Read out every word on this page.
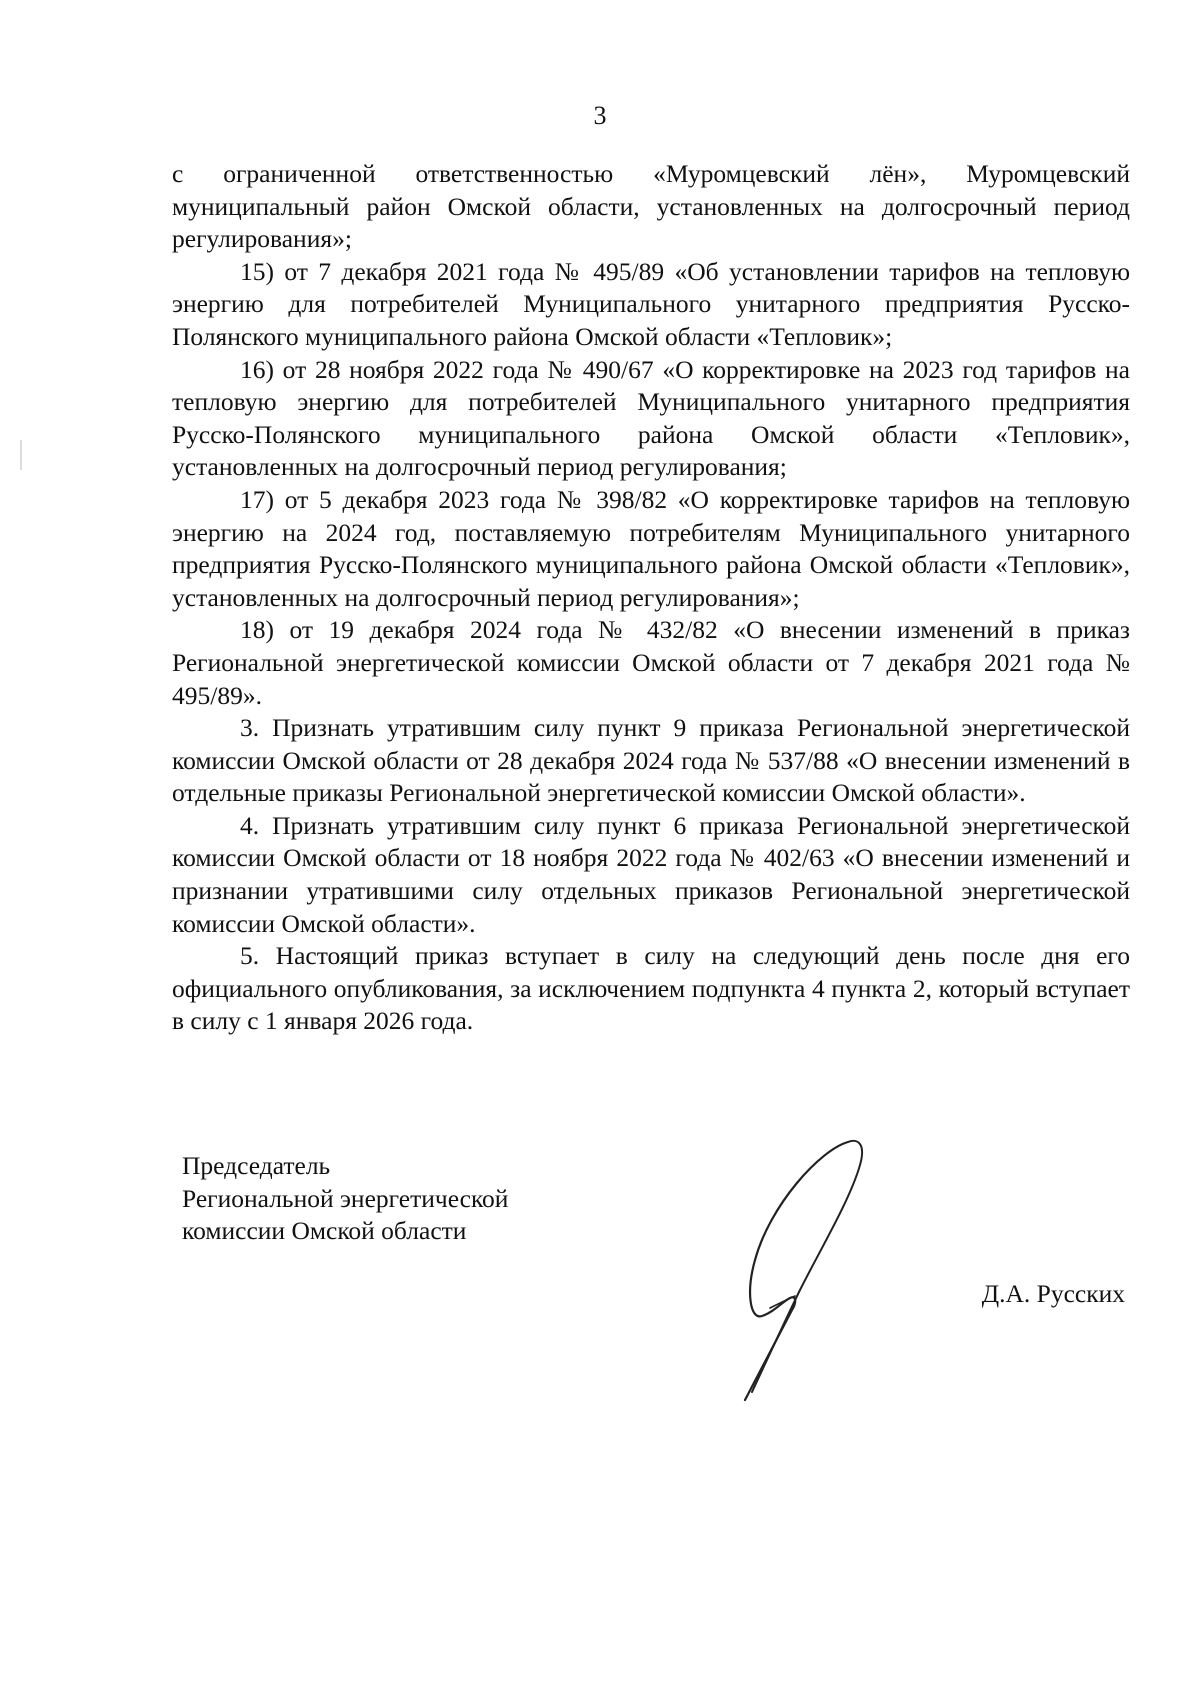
3

с ограниченной ответственностью «Муромцевский лён», Муромцевский муниципальный район Омской области, установленных на долгосрочный период регулирования»;

15) от 7 декабря 2021 года № 495/89 «Об установлении тарифов на тепловую энергию для потребителей Муниципального унитарного предприятия Русско-Полянского муниципального района Омской области «Тепловик»;

16) от 28 ноября 2022 года № 490/67 «О корректировке на 2023 год тарифов на тепловую энергию для потребителей Муниципального унитарного предприятия Русско-Полянского муниципального района Омской области «Тепловик», установленных на долгосрочный период регулирования;

17) от 5 декабря 2023 года № 398/82 «О корректировке тарифов на тепловую энергию на 2024 год, поставляемую потребителям Муниципального унитарного предприятия Русско-Полянского муниципального района Омской области «Тепловик», установленных на долгосрочный период регулирования»;

18) от 19 декабря 2024 года № 432/82 «О внесении изменений в приказ Региональной энергетической комиссии Омской области от 7 декабря 2021 года № 495/89».

3. Признать утратившим силу пункт 9 приказа Региональной энергетической комиссии Омской области от 28 декабря 2024 года № 537/88 «О внесении изменений в отдельные приказы Региональной энергетической комиссии Омской области».

4. Признать утратившим силу пункт 6 приказа Региональной энергетической комиссии Омской области от 18 ноября 2022 года № 402/63 «О внесении изменений и признании утратившими силу отдельных приказов Региональной энергетической комиссии Омской области».

5. Настоящий приказ вступает в силу на следующий день после дня его официального опубликования, за исключением подпункта 4 пункта 2, который вступает в силу с 1 января 2026 года.

Председатель
Региональной энергетической
комиссии Омской области
Д.А. Русских
